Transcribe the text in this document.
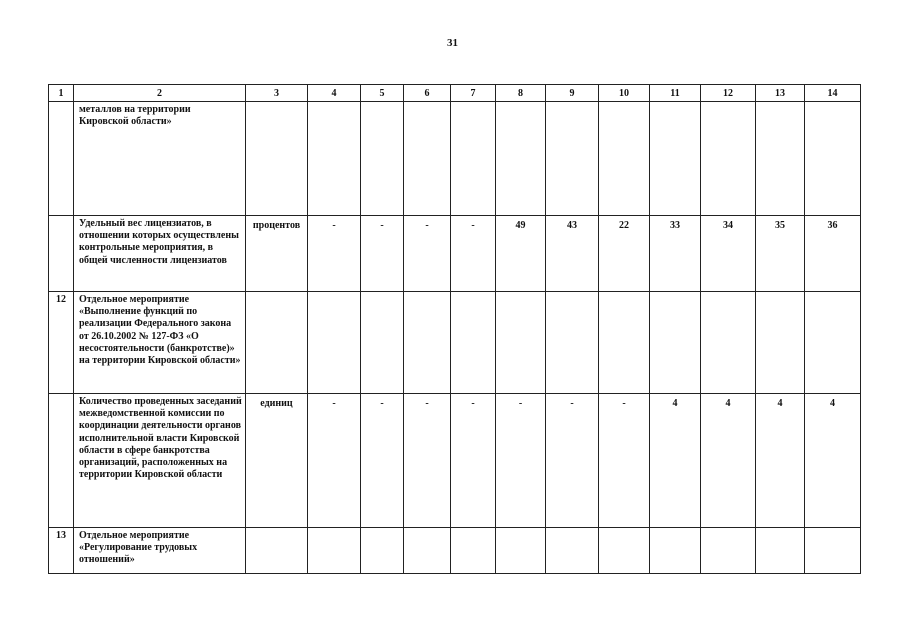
31
1	2	3	4	5	6	7	8	9	10	11	12	13	14
	металлов на территории Кировской области»												
	Удельный вес лицензиатов, в отношении которых осуществлены контрольные мероприятия, в общей численности лицензиатов	процентов	-	-	-	-	49	43	22	33	34	35	36
12	Отдельное мероприятие «Выполнение функций по реализации Федерального закона от 26.10.2002 № 127-ФЗ «О несостоятельности (банкротстве)» на территории Кировской области»												
	Количество проведенных заседаний межведомственной комиссии по координации деятельности органов исполнительной власти Кировской области в сфере банкротства организаций, расположенных на территории Кировской области	единиц	-	-	-	-	-	-	-	4	4	4	4
13	Отдельное мероприятие «Регулирование трудовых отношений»												
